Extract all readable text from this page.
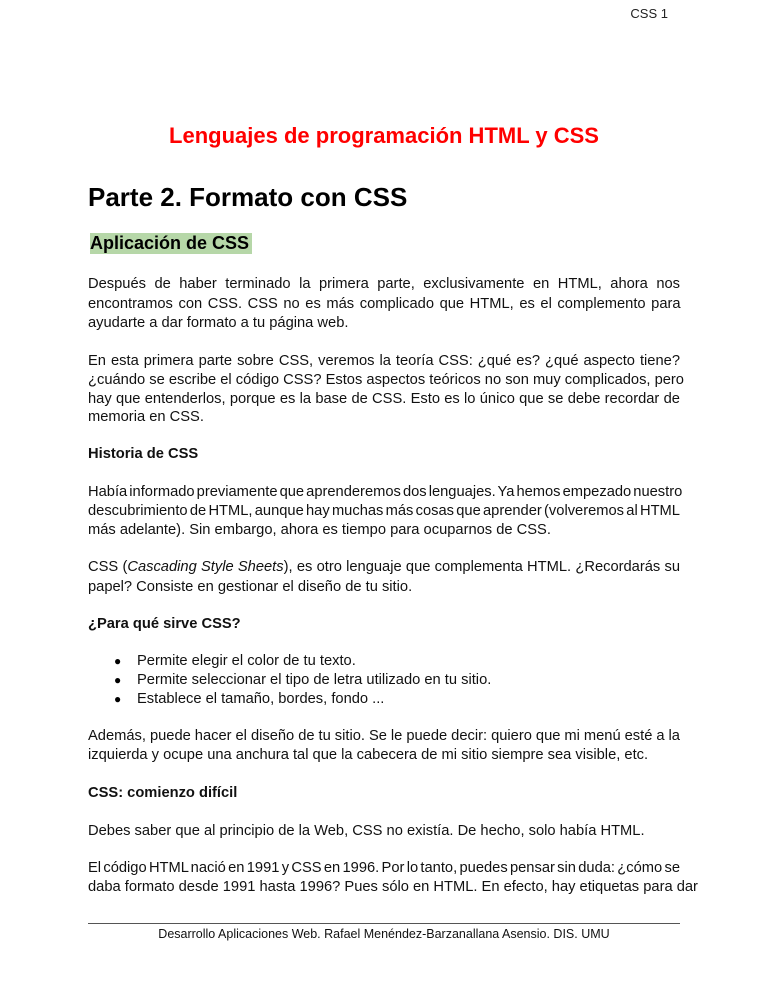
CSS 1
Lenguajes de programación HTML y CSS
Parte 2. Formato con CSS
Aplicación de CSS
Después de haber terminado la primera parte, exclusivamente en HTML, ahora nos
encontramos con CSS. CSS no es más complicado que HTML, es el complemento para
ayudarte a dar formato a tu página web.
En esta primera parte sobre CSS, veremos la teoría CSS: ¿qué es? ¿qué aspecto tiene?
¿cuándo se escribe el código CSS? Estos aspectos teóricos no son muy complicados, pero
hay que entenderlos, porque es la base de CSS. Esto es lo único que se debe recordar de
memoria en CSS.
Historia de CSS
Había informado previamente que aprenderemos dos lenguajes. Ya hemos empezado nuestro
descubrimiento de HTML, aunque hay muchas más cosas que aprender (volveremos al HTML
más adelante). Sin embargo, ahora es tiempo para ocuparnos de CSS.
CSS (Cascading Style Sheets), es otro lenguaje que complementa HTML. ¿Recordarás su
papel? Consiste en gestionar el diseño de tu sitio.
¿Para qué sirve CSS?
● Permite elegir el color de tu texto.
● Permite seleccionar el tipo de letra utilizado en tu sitio.
● Establece el tamaño, bordes, fondo ...
Además, puede hacer el diseño de tu sitio. Se le puede decir: quiero que mi menú esté a la
izquierda y ocupe una anchura tal que la cabecera de mi sitio siempre sea visible, etc.
CSS: comienzo difícil
Debes saber que al principio de la Web, CSS no existía. De hecho, solo había HTML.
El código HTML nació en 1991 y CSS en 1996. Por lo tanto, puedes pensar sin duda: ¿cómo se
daba formato desde 1991 hasta 1996? Pues sólo en HTML. En efecto, hay etiquetas para dar
Desarrollo Aplicaciones Web. Rafael Menéndez-Barzanallana Asensio. DIS. UMU
